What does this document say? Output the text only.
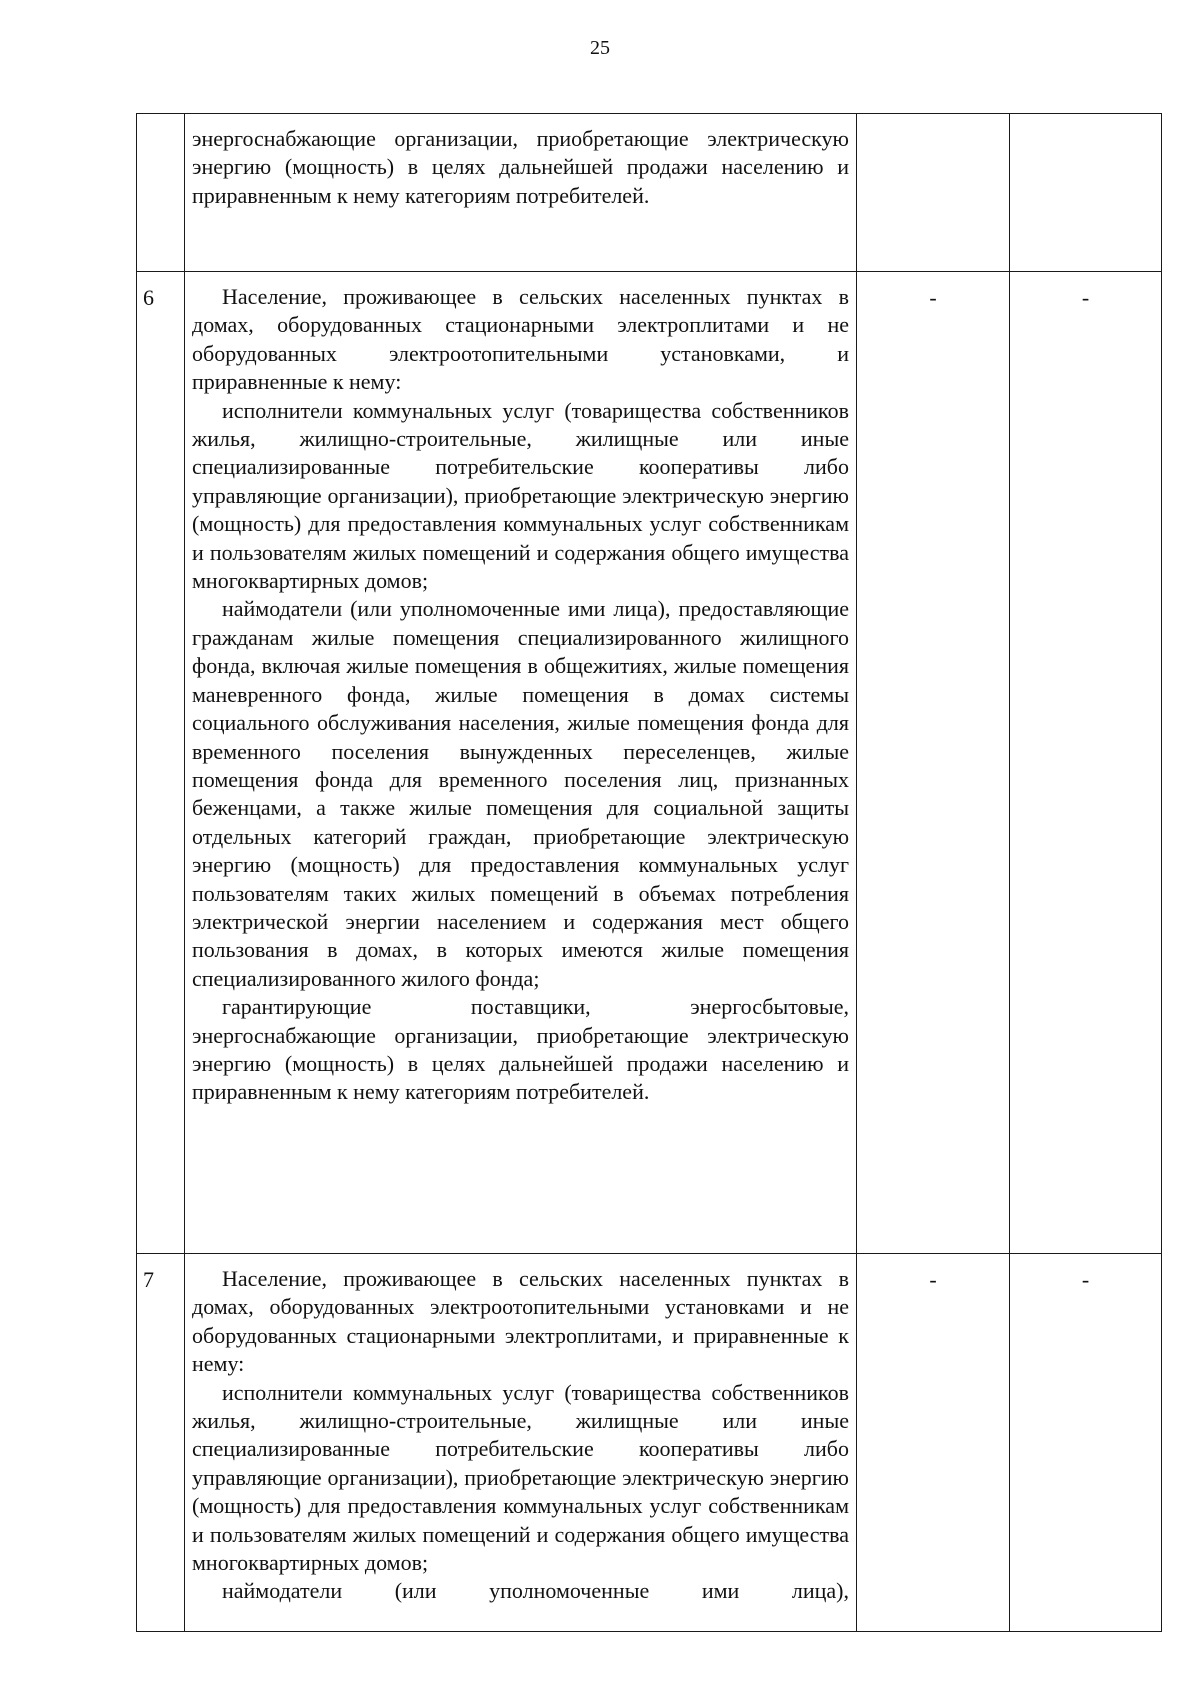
25

	энергоснабжающие организации, приобретающие электрическую энергию (мощность) в целях дальнейшей продажи населению и приравненным к нему категориям потребителей.		

6	Население, проживающее в сельских населенных пунктах в домах, оборудованных стационарными электроплитами и не оборудованных электроотопительными установками, и приравненные к нему:

исполнители коммунальных услуг (товарищества собственников жилья, жилищно-строительные, жилищные или иные специализированные потребительские кооперативы либо управляющие организации), приобретающие электрическую энергию (мощность) для предоставления коммунальных услуг собственникам и пользователям жилых помещений и содержания общего имущества многоквартирных домов;

наймодатели (или уполномоченные ими лица), предоставляющие гражданам жилые помещения специализированного жилищного фонда, включая жилые помещения в общежитиях, жилые помещения маневренного фонда, жилые помещения в домах системы социального обслуживания населения, жилые помещения фонда для временного поселения вынужденных переселенцев, жилые помещения фонда для временного поселения лиц, признанных беженцами, а также жилые помещения для социальной защиты отдельных категорий граждан, приобретающие электрическую энергию (мощность) для предоставления коммунальных услуг пользователям таких жилых помещений в объемах потребления электрической энергии населением и содержания мест общего пользования в домах, в которых имеются жилые помещения специализированного жилого фонда;

гарантирующие поставщики, энергосбытовые, энергоснабжающие организации, приобретающие электрическую энергию (мощность) в целях дальнейшей продажи населению и приравненным к нему категориям потребителей.	-	-
7	Население, проживающее в сельских населенных пунктах в домах, оборудованных электроотопительными установками и не оборудованных стационарными электроплитами, и приравненные к нему:

исполнители коммунальных услуг (товарищества собственников жилья, жилищно-строительные, жилищные или иные специализированные потребительские кооперативы либо управляющие организации), приобретающие электрическую энергию (мощность) для предоставления коммунальных услуг собственникам и пользователям жилых помещений и содержания общего имущества многоквартирных домов;

наймодатели (или уполномоченные ими лица),	-	-
